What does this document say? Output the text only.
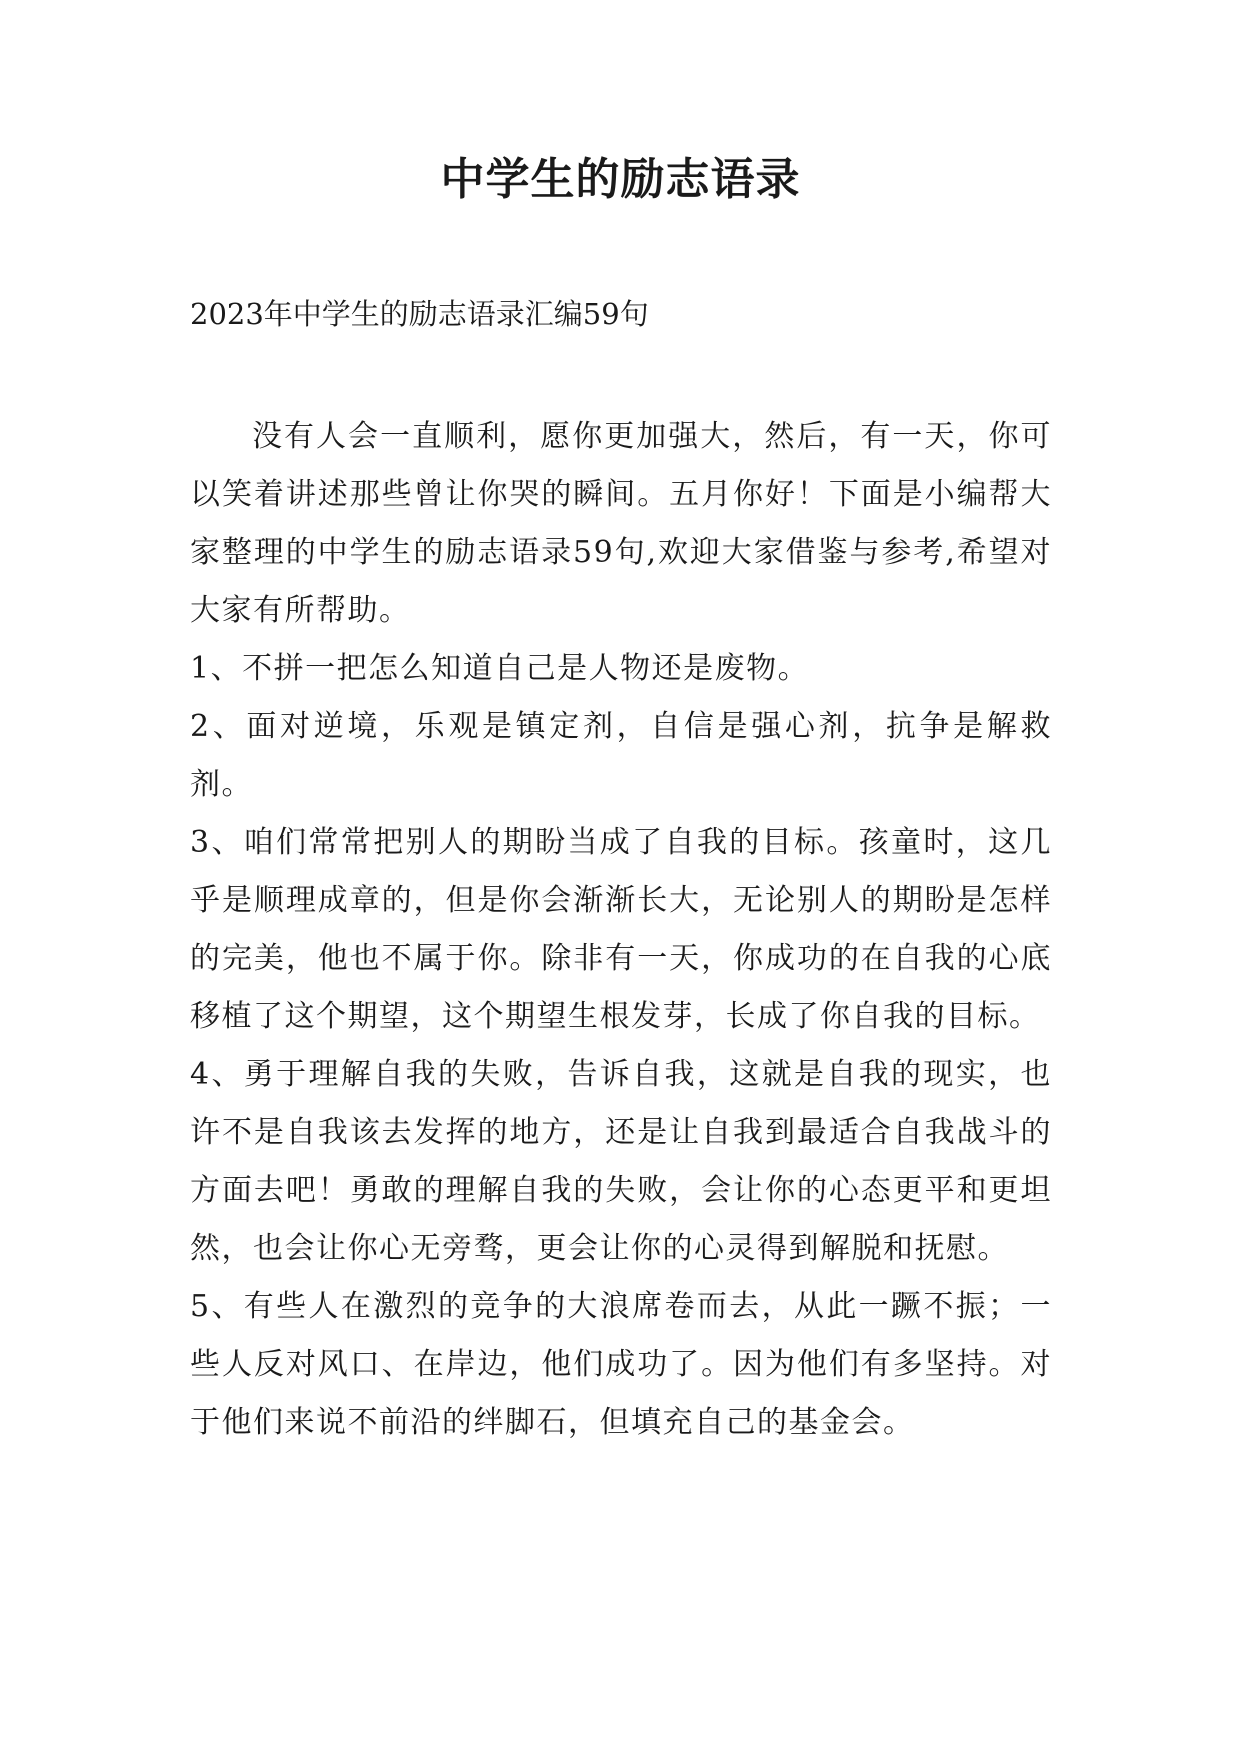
中学生的励志语录

2023年中学生的励志语录汇编59句

没有人会一直顺利，愿你更加强大，然后，有一天，你可以笑着讲述那些曾让你哭的瞬间。五月你好！下面是小编帮大家整理的中学生的励志语录59句,欢迎大家借鉴与参考,希望对大家有所帮助。

1、不拼一把怎么知道自己是人物还是废物。

2、面对逆境，乐观是镇定剂，自信是强心剂，抗争是解救剂。

3、咱们常常把别人的期盼当成了自我的目标。孩童时，这几乎是顺理成章的，但是你会渐渐长大，无论别人的期盼是怎样的完美，他也不属于你。除非有一天，你成功的在自我的心底移植了这个期望，这个期望生根发芽，长成了你自我的目标。

4、勇于理解自我的失败，告诉自我，这就是自我的现实，也许不是自我该去发挥的地方，还是让自我到最适合自我战斗的方面去吧！勇敢的理解自我的失败，会让你的心态更平和更坦然，也会让你心无旁骛，更会让你的心灵得到解脱和抚慰。

5、有些人在激烈的竞争的大浪席卷而去，从此一蹶不振；一些人反对风口、在岸边，他们成功了。因为他们有多坚持。对于他们来说不前沿的绊脚石，但填充自己的基金会。
